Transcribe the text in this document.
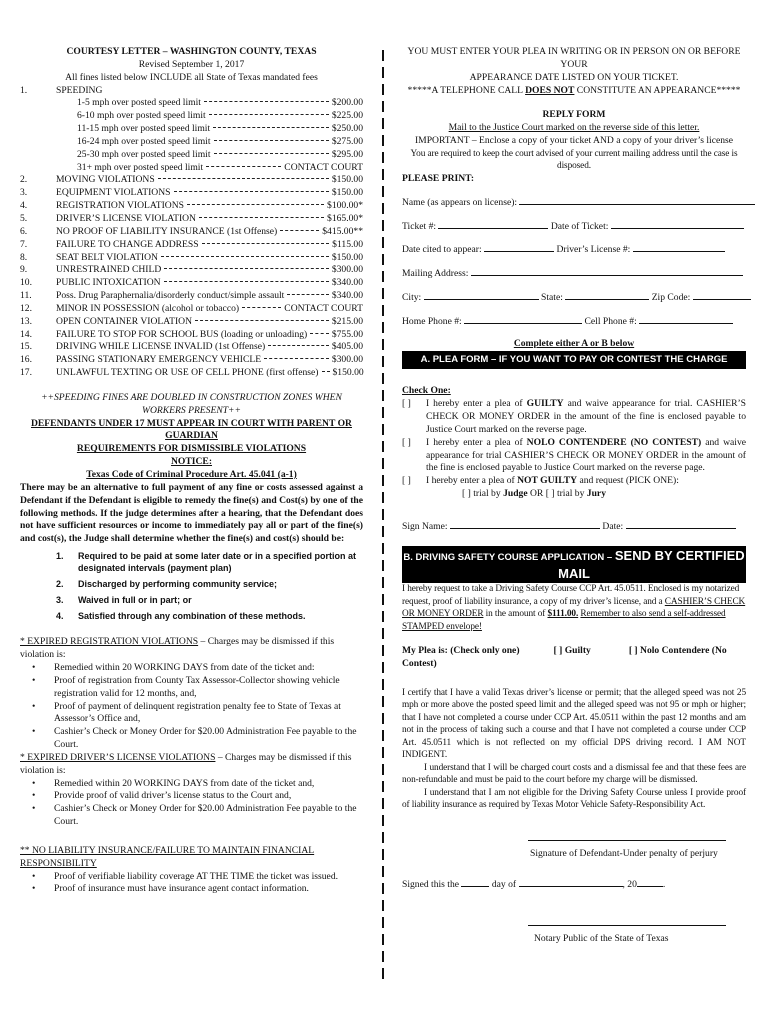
COURTESY LETTER – WASHINGTON COUNTY, TEXAS
Revised September 1, 2017
All fines listed below INCLUDE all State of Texas mandated fees
1.	SPEEDING
1-5 mph over posted speed limit	$200.00
6-10 mph over posted speed limit	$225.00
11-15 mph over posted speed limit	$250.00
16-24 mph over posted speed limit	$275.00
25-30 mph over posted speed limit	$295.00
31+ mph over posted speed limit	CONTACT COURT
2.	MOVING VIOLATIONS	$150.00
3.	EQUIPMENT VIOLATIONS	$150.00
4.	REGISTRATION VIOLATIONS	$100.00*
5.	DRIVER’S LICENSE VIOLATION	$165.00*
6.	NO PROOF OF LIABILITY INSURANCE (1st Offense)	$415.00**
7.	FAILURE TO CHANGE ADDRESS	$115.00
8.	SEAT BELT VIOLATION	$150.00
9.	UNRESTRAINED CHILD	$300.00
10.	PUBLIC INTOXICATION	$340.00
11.	Poss. Drug Paraphernalia/disorderly conduct/simple assault	$340.00
12.	MINOR IN POSSESSION (alcohol or tobacco)	CONTACT COURT
13.	OPEN CONTAINER VIOLATION	$215.00
14.	FAILURE TO STOP FOR SCHOOL BUS (loading or unloading)	$755.00
15.	DRIVING WHILE LICENSE INVALID (1st Offense)	$405.00
16.	PASSING STATIONARY EMERGENCY VEHICLE	$300.00
17.	UNLAWFUL TEXTING OR USE OF CELL PHONE (first offense) $150.00
++SPEEDING FINES ARE DOUBLED IN CONSTRUCTION ZONES WHEN WORKERS PRESENT++
DEFENDANTS UNDER 17 MUST APPEAR IN COURT WITH PARENT OR GUARDIAN
REQUIREMENTS FOR DISMISSIBLE VIOLATIONS
NOTICE:
Texas Code of Criminal Procedure Art. 45.041 (a-1)

There may be an alternative to full payment of any fine or costs assessed against a Defendant if the Defendant is eligible to remedy the fine(s) and Cost(s) by one of the following methods. If the judge determines after a hearing, that the Defendant does not have sufficient resources or income to immediately pay all or part of the fine(s) and cost(s), the Judge shall determine whether the fine(s) and cost(s) should be:

1.	Required to be paid at some later date or in a specified portion at designated intervals (payment plan)
2.	Discharged by performing community service;
3.	Waived in full or in part; or
4.	Satisfied through any combination of these methods.
* EXPIRED REGISTRATION VIOLATIONS – Charges may be dismissed if this violation is:
•	Remedied within 20 WORKING DAYS from date of the ticket and:
•	Proof of registration from County Tax Assessor-Collector showing vehicle registration valid for 12 months, and,
•	Proof of payment of delinquent registration penalty fee to State of Texas at Assessor’s Office and,
•	Cashier’s Check or Money Order for $20.00 Administration Fee payable to the Court.
* EXPIRED DRIVER’S LICENSE VIOLATIONS – Charges may be dismissed if this violation is:
•	Remedied within 20 WORKING DAYS from date of the ticket and,
•	Provide proof of valid driver’s license status to the Court and,
•	Cashier’s Check or Money Order for $20.00 Administration Fee payable to the Court.
** NO LIABILITY INSURANCE/FAILURE TO MAINTAIN FINANCIAL RESPONSIBILITY
•	Proof of verifiable liability coverage AT THE TIME the ticket was issued.
•	Proof of insurance must have insurance agent contact information.
YOU MUST ENTER YOUR PLEA IN WRITING OR IN PERSON ON OR BEFORE YOUR
APPEARANCE DATE LISTED ON YOUR TICKET.
*****A TELEPHONE CALL DOES NOT CONSTITUTE AN APPEARANCE*****
REPLY FORM
Mail to the Justice Court marked on the reverse side of this letter.
IMPORTANT – Enclose a copy of your ticket AND a copy of your driver’s license
You are required to keep the court advised of your current mailing address until the case is disposed.
PLEASE PRINT:
Name (as appears on license):
Ticket #:	Date of Ticket:
Date cited to appear:	Driver’s License #:
Mailing Address:
City:	State:	Zip Code:
Home Phone #:	Cell Phone #:
Complete either A or B below
A. PLEA FORM – IF YOU WANT TO PAY OR CONTEST THE CHARGE
Check One:
[ ]	I hereby enter a plea of GUILTY and waive appearance for trial. CASHIER’S CHECK OR MONEY ORDER in the amount of the fine is enclosed payable to Justice Court marked on the reverse page.
[ ]	I hereby enter a plea of NOLO CONTENDERE (NO CONTEST) and waive appearance for trial CASHIER’S CHECK OR MONEY ORDER in the amount of the fine is enclosed payable to Justice Court marked on the reverse page.
[ ]	I hereby enter a plea of NOT GUILTY and request (PICK ONE):
[ ] trial by Judge OR [ ] trial by Jury
Sign Name:	Date:
B. DRIVING SAFETY COURSE APPLICATION – SEND BY CERTIFIED MAIL

I hereby request to take a Driving Safety Course CCP Art. 45.0511. Enclosed is my notarized request, proof of liability insurance, a copy of my driver’s license, and a CASHIER’S CHECK OR MONEY ORDER in the amount of $111.00. Remember to also send a self-addressed STAMPED envelope!

My Plea is: (Check only one)	[ ] Guilty	[ ] Nolo Contendere (No Contest)

I certify that I have a valid Texas driver’s license or permit; that the alleged speed was not 25 mph or more above the posted speed limit and the alleged speed was not 95 or mph or higher; that I have not completed a course under CCP Art. 45.0511 within the past 12 months and am not in the process of taking such a course and that I have not completed a course under CCP Art. 45.0511 which is not reflected on my official DPS driving record. I AM NOT INDIGENT.

I understand that I will be charged court costs and a dismissal fee and that these fees are non-refundable and must be paid to the court before my charge will be dismissed.

I understand that I am not eligible for the Driving Safety Course unless I provide proof of liability insurance as required by Texas Motor Vehicle Safety-Responsibility Act.

Signature of Defendant-Under penalty of perjury
Signed this the	day of	, 20	.
Notary Public of the State of Texas
